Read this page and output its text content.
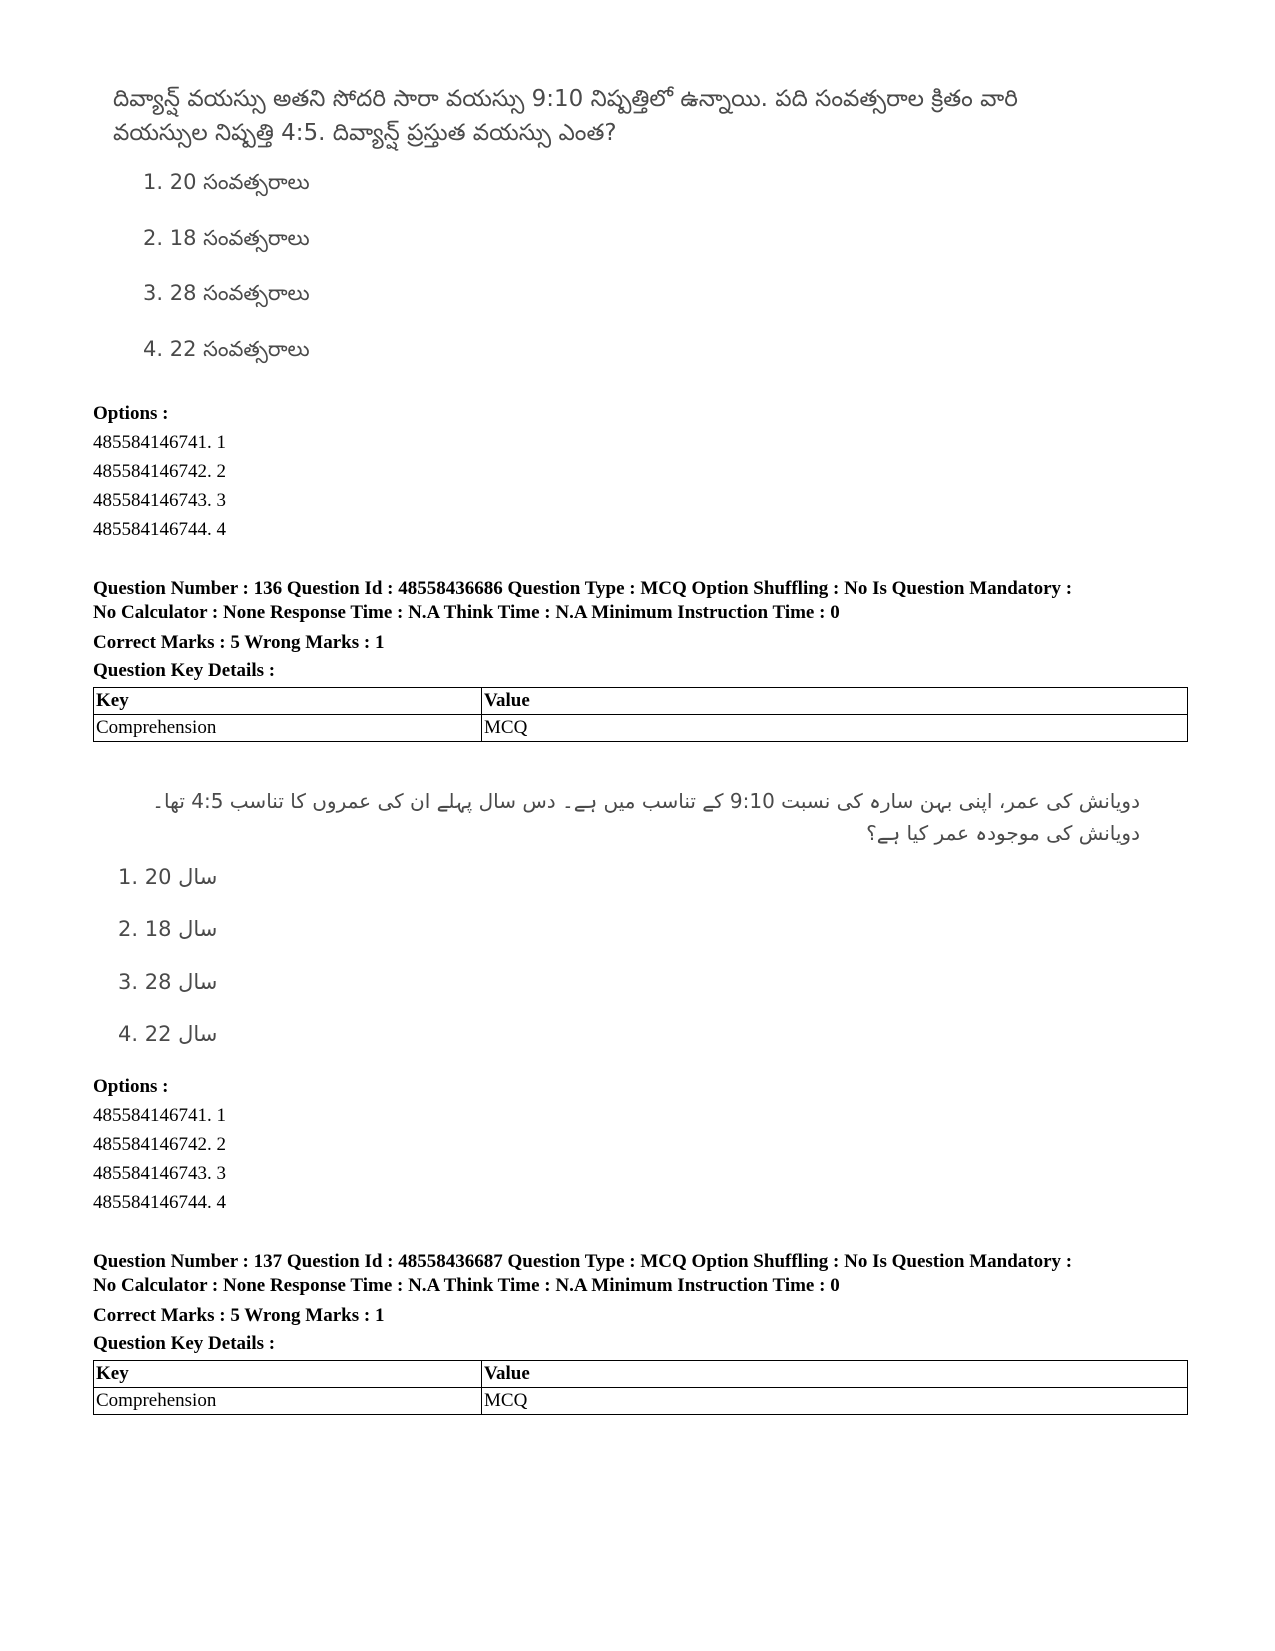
దివ్యాన్ష్ వయస్సు అతని సోదరి సారా వయస్సు 9:10 నిష్పత్తిలో ఉన్నాయి. పది సంవత్సరాల క్రితం వారి వయస్సుల నిష్పత్తి 4:5. దివ్యాన్ష్ ప్రస్తుత వయస్సు ఎంత?
1. 20 సంవత్సరాలు
2. 18 సంవత్సరాలు
3. 28 సంవత్సరాలు
4. 22 సంవత్సరాలు
Options :
485584146741. 1
485584146742. 2
485584146743. 3
485584146744. 4
Question Number : 136 Question Id : 48558436686 Question Type : MCQ Option Shuffling : No Is Question Mandatory :
No Calculator : None Response Time : N.A Think Time : N.A Minimum Instruction Time : 0
Correct Marks : 5 Wrong Marks : 1
Question Key Details :
Key	Value
Comprehension	MCQ
دویانش کی عمر، اپنی بہن سارہ کی نسبت 9:10 کے تناسب میں ہے۔ دس سال پہلے ان کی عمروں کا تناسب 4:5 تھا۔ دویانش کی موجودہ عمر کیا ہے؟
1. 20 سال
2. 18 سال
3. 28 سال
4. 22 سال
Options :
485584146741. 1
485584146742. 2
485584146743. 3
485584146744. 4
Question Number : 137 Question Id : 48558436687 Question Type : MCQ Option Shuffling : No Is Question Mandatory :
No Calculator : None Response Time : N.A Think Time : N.A Minimum Instruction Time : 0
Correct Marks : 5 Wrong Marks : 1
Question Key Details :
Key	Value
Comprehension	MCQ
